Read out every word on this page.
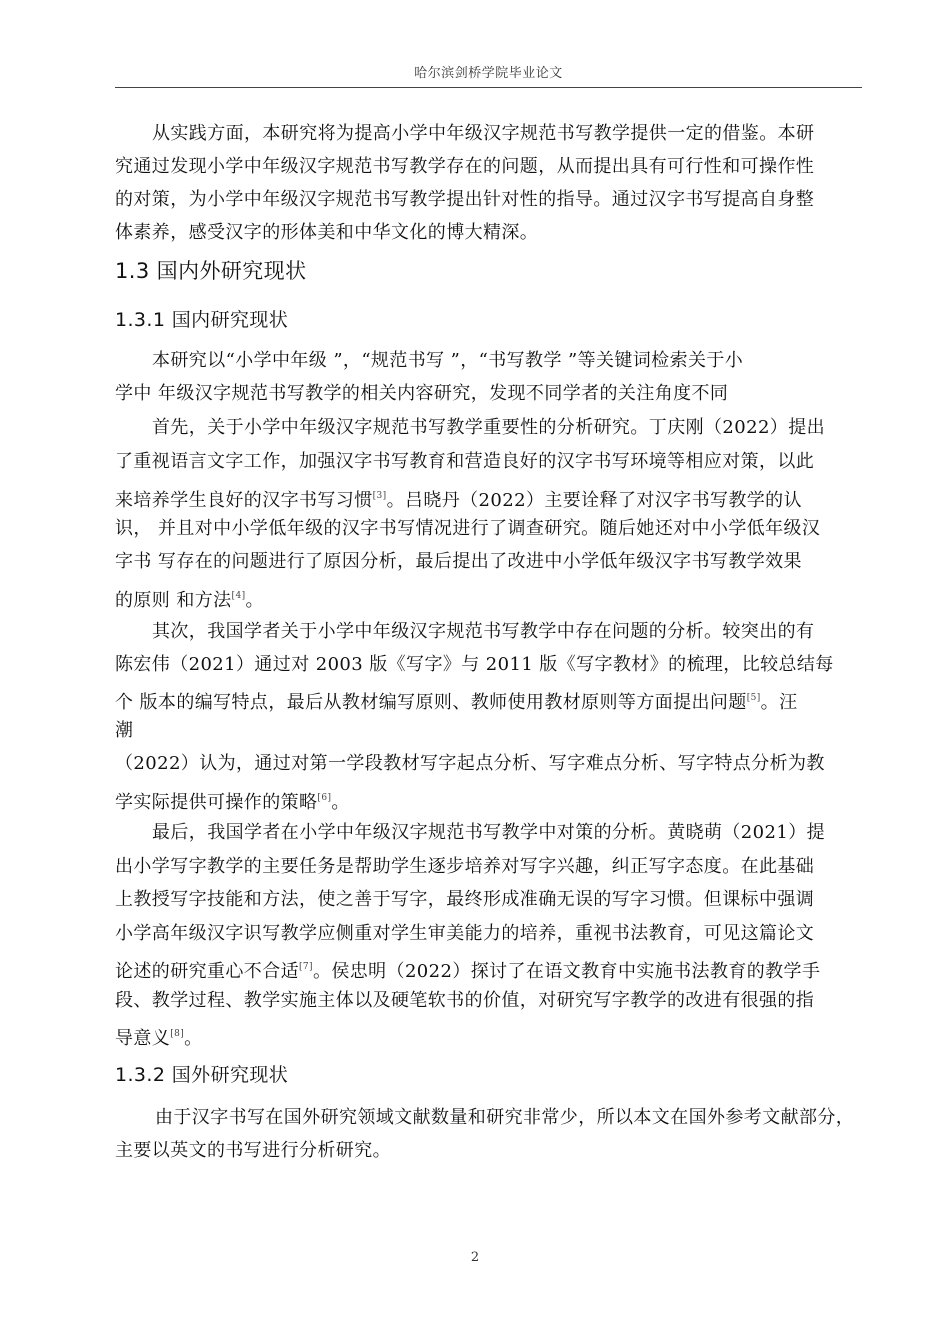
哈尔滨剑桥学院毕业论文
从实践方面，本研究将为提高小学中年级汉字规范书写教学提供一定的借鉴。本研
究通过发现小学中年级汉字规范书写教学存在的问题，从而提出具有可行性和可操作性
的对策，为小学中年级汉字规范书写教学提出针对性的指导。通过汉字书写提高自身整
体素养，感受汉字的形体美和中华文化的博大精深。
1.3 国内外研究现状
1.3.1 国内研究现状
本研究以“小学中年级 ”，“规范书写 ”，“书写教学 ”等关键词检索关于小
学中 年级汉字规范书写教学的相关内容研究，发现不同学者的关注角度不同
首先，关于小学中年级汉字规范书写教学重要性的分析研究。丁庆刚（2022）提出
了重视语言文字工作，加强汉字书写教育和营造良好的汉字书写环境等相应对策，以此
来培养学生良好的汉字书写习惯[3]。吕晓丹（2022）主要诠释了对汉字书写教学的认
识， 并且对中小学低年级的汉字书写情况进行了调查研究。随后她还对中小学低年级汉
字书 写存在的问题进行了原因分析，最后提出了改进中小学低年级汉字书写教学效果
的原则 和方法[4]。
其次，我国学者关于小学中年级汉字规范书写教学中存在问题的分析。较突出的有
陈宏伟（2021）通过对 2003 版《写字》与 2011 版《写字教材》的梳理，比较总结每
个 版本的编写特点，最后从教材编写原则、教师使用教材原则等方面提出问题[5]。汪
潮
（2022）认为，通过对第一学段教材写字起点分析、写字难点分析、写字特点分析为教
学实际提供可操作的策略[6]。
最后，我国学者在小学中年级汉字规范书写教学中对策的分析。黄晓萌（2021）提
出小学写字教学的主要任务是帮助学生逐步培养对写字兴趣，纠正写字态度。在此基础
上教授写字技能和方法，使之善于写字，最终形成准确无误的写字习惯。但课标中强调
小学高年级汉字识写教学应侧重对学生审美能力的培养，重视书法教育，可见这篇论文
论述的研究重心不合适[7]。侯忠明（2022）探讨了在语文教育中实施书法教育的教学手
段、教学过程、教学实施主体以及硬笔软书的价值，对研究写字教学的改进有很强的指
导意义[8]。
1.3.2 国外研究现状
由于汉字书写在国外研究领域文献数量和研究非常少，所以本文在国外参考文献部分，
主要以英文的书写进行分析研究。
2
